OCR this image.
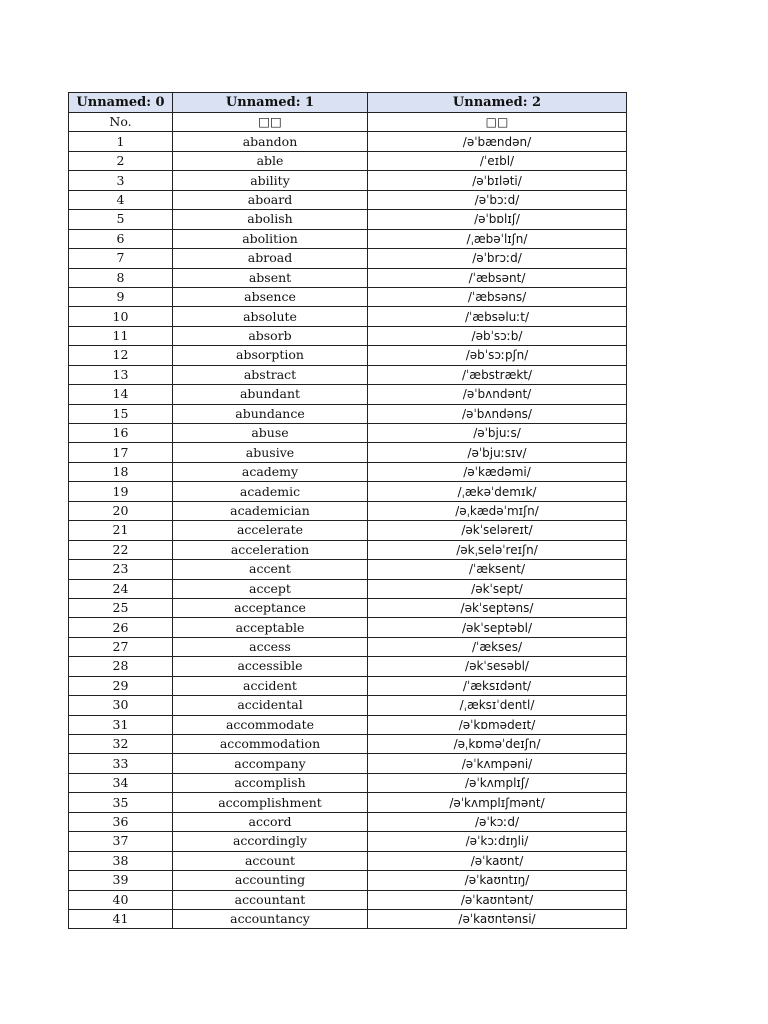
Unnamed: 0	Unnamed: 1	Unnamed: 2
No.	□□	□□
1	abandon	/əˈbændən/
2	able	/ˈeɪbl/
3	ability	/əˈbɪləti/
4	aboard	/əˈbɔːd/
5	abolish	/əˈbɒlɪʃ/
6	abolition	/ˌæbəˈlɪʃn/
7	abroad	/əˈbrɔːd/
8	absent	/ˈæbsənt/
9	absence	/ˈæbsəns/
10	absolute	/ˈæbsəluːt/
11	absorb	/əbˈsɔːb/
12	absorption	/əbˈsɔːpʃn/
13	abstract	/ˈæbstrækt/
14	abundant	/əˈbʌndənt/
15	abundance	/əˈbʌndəns/
16	abuse	/əˈbjuːs/
17	abusive	/əˈbjuːsɪv/
18	academy	/əˈkædəmi/
19	academic	/ˌækəˈdemɪk/
20	academician	/əˌkædəˈmɪʃn/
21	accelerate	/əkˈseləreɪt/
22	acceleration	/əkˌseləˈreɪʃn/
23	accent	/ˈæksent/
24	accept	/əkˈsept/
25	acceptance	/əkˈseptəns/
26	acceptable	/əkˈseptəbl/
27	access	/ˈækses/
28	accessible	/əkˈsesəbl/
29	accident	/ˈæksɪdənt/
30	accidental	/ˌæksɪˈdentl/
31	accommodate	/əˈkɒmədeɪt/
32	accommodation	/əˌkɒməˈdeɪʃn/
33	accompany	/əˈkʌmpəni/
34	accomplish	/əˈkʌmplɪʃ/
35	accomplishment	/əˈkʌmplɪʃmənt/
36	accord	/əˈkɔːd/
37	accordingly	/əˈkɔːdɪŋli/
38	account	/əˈkaʊnt/
39	accounting	/əˈkaʊntɪŋ/
40	accountant	/əˈkaʊntənt/
41	accountancy	/əˈkaʊntənsi/
